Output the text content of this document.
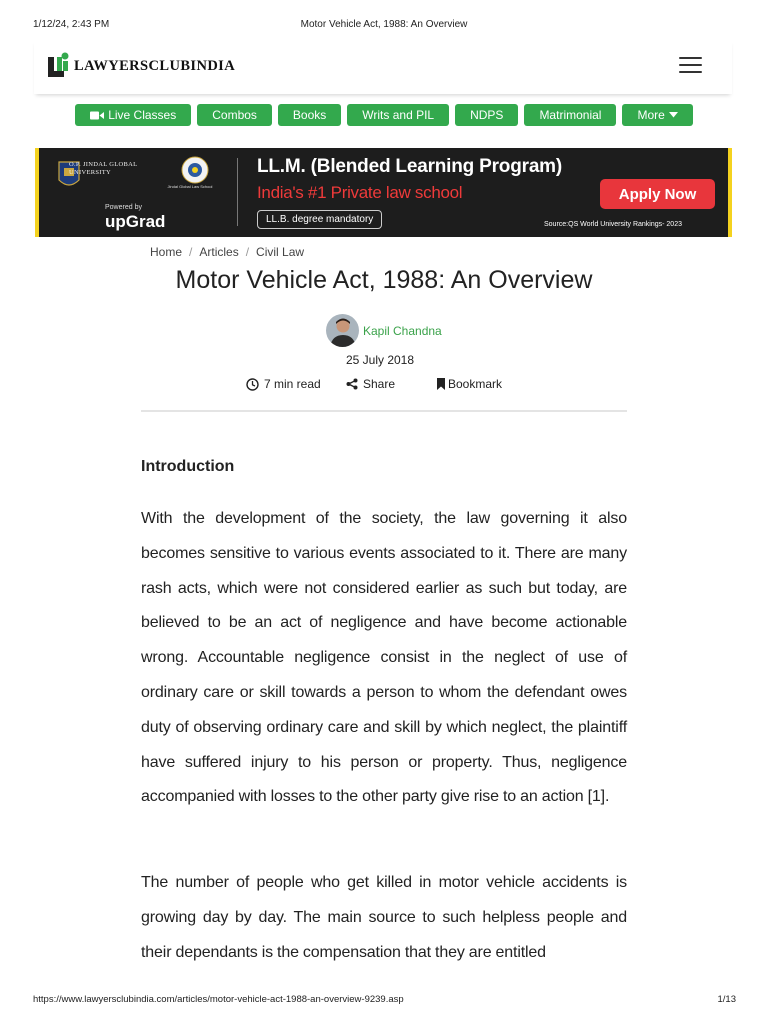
1/12/24, 2:43 PM	Motor Vehicle Act, 1988: An Overview
LAWYERSCLUBINDIA
Live Classes	Combos	Books	Writs and PIL	NDPS	Matrimonial	More
O.P. JINDAL GLOBAL UNIVERSITY
Jindal Global Law School
Powered by
upGrad
LL.M. (Blended Learning Program)
India's #1 Private law school
LL.B. degree mandatory
Apply Now
Source:QS World University Rankings- 2023
Home / Articles / Civil Law
Motor Vehicle Act, 1988: An Overview
Kapil Chandna
25 July 2018
7 min read	Share	Bookmark
Introduction

With the development of the society, the law governing it also becomes sensitive to various events associated to it. There are many rash acts, which were not considered earlier as such but today, are believed to be an act of negligence and have become actionable wrong. Accountable negligence consist in the neglect of use of ordinary care or skill towards a person to whom the defendant owes duty of observing ordinary care and skill by which neglect, the plaintiff have suffered injury to his person or property. Thus, negligence accompanied with losses to the other party give rise to an action [1].

The number of people who get killed in motor vehicle accidents is growing day by day. The main source to such helpless people and their dependants is the compensation that they are entitled

https://www.lawyersclubindia.com/articles/motor-vehicle-act-1988-an-overview-9239.asp	1/13
